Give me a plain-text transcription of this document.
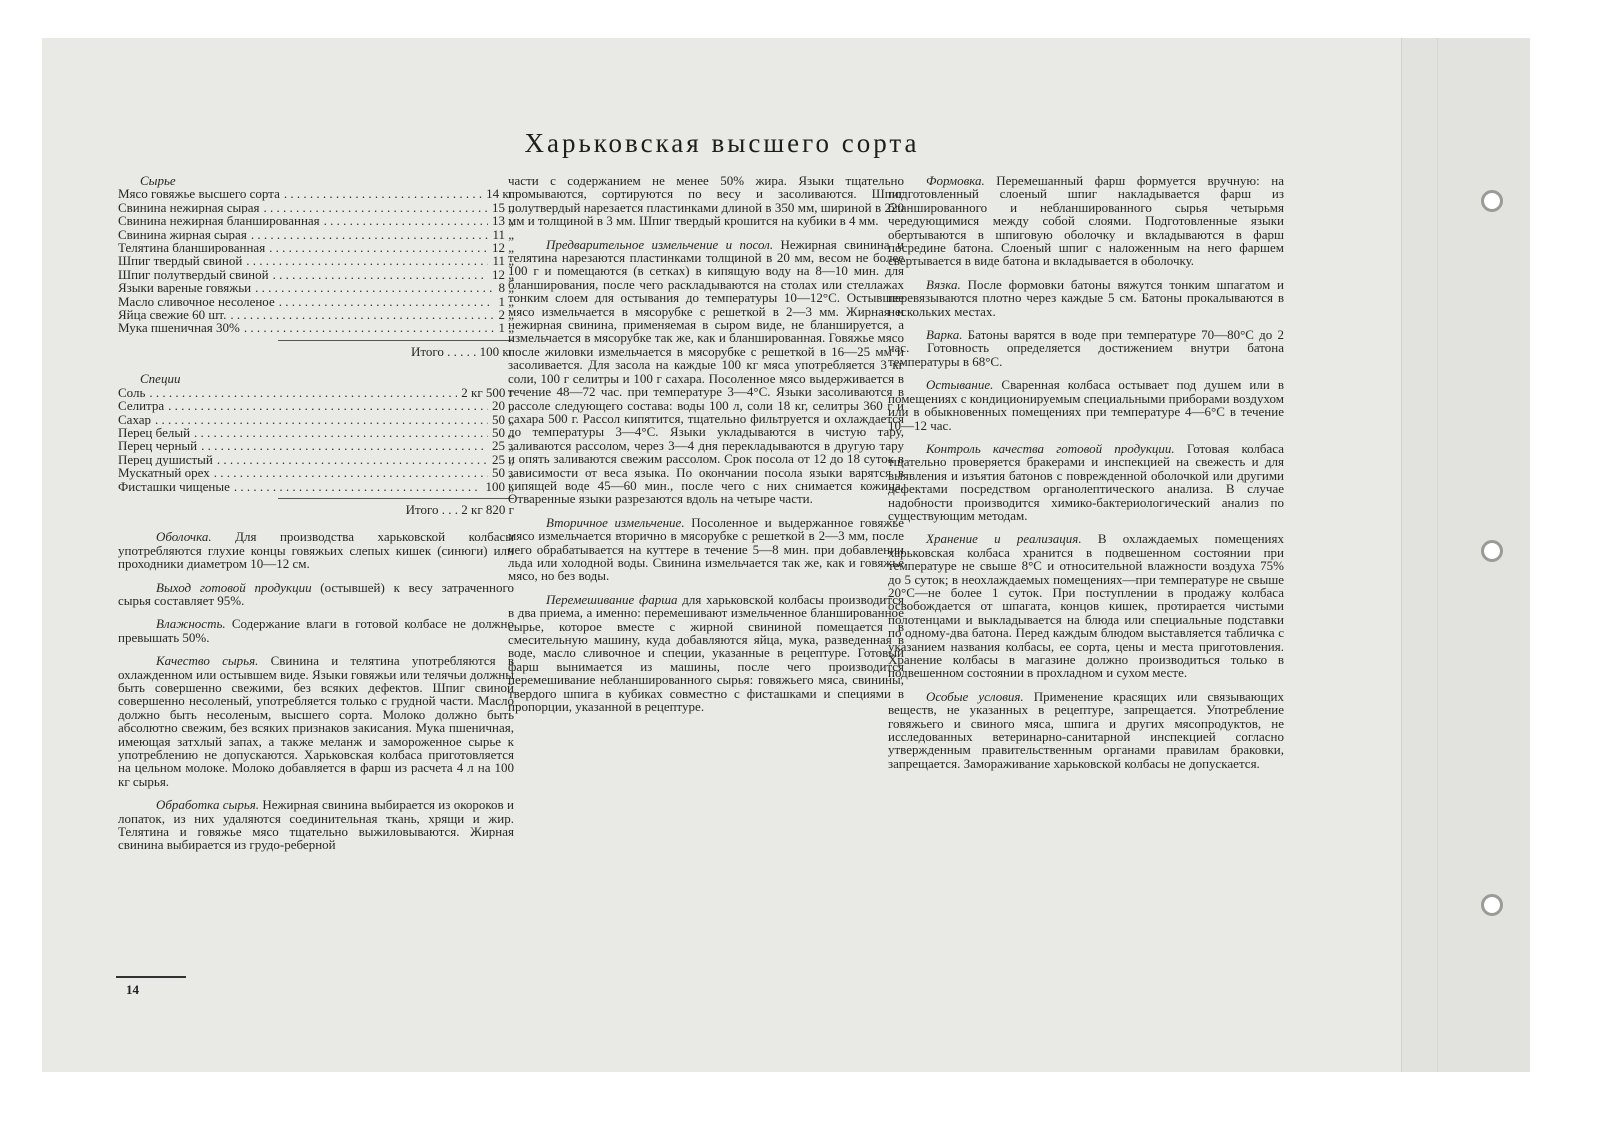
Харьковская высшего сорта
Сырье
Мясо говяжье высшего сорта . . .	14 кг
Свинина нежирная сырая . . .	15 „
Свинина нежирная бланшированная . . .	13 „
Свинина жирная сырая . . .	11 „
Телятина бланшированная . . .	12 „
Шпиг твердый свиной . . .	11 „
Шпиг полутвердый свиной . . .	12 „
Языки вареные говяжьи . . .	8 „
Масло сливочное несоленое . . .	1 „
Яйца свежие 60 шт. . . .	2 „
Мука пшеничная 30% . . .	1 „
Итого . . . . . 100 кг
Специи
Соль . . .	2 кг 500 г
Селитра . . .	20 „
Сахар . . .	50 „
Перец белый . . .	50 „
Перец черный . . .	25 „
Перец душистый . . .	25 „
Мускатный орех . . .	50 „
Фисташки чищеные . . .	100 „
Итого . . . 2 кг 820 г

Оболочка. Для производства харьковской колбасы употребляются глухие концы говяжьих слепых кишек (синюги) или проходники диаметром 10—12 см.

Выход готовой продукции (остывшей) к весу затраченного сырья составляет 95%.

Влажность. Содержание влаги в готовой колбасе не должно превышать 50%.

Качество сырья. Свинина и телятина употребляются в охлажденном или остывшем виде. Языки говяжьи или телячьи должны быть совершенно свежими, без всяких дефектов. Шпиг свиной совершенно несоленый, употребляется только с грудной части. Масло должно быть несоленым, высшего сорта. Молоко должно быть абсолютно свежим, без всяких признаков закисания. Мука пшеничная, имеющая затхлый запах, а также меланж и замороженное сырье к употреблению не допускаются. Харьковская колбаса приготовляется на цельном молоке. Молоко добавляется в фарш из расчета 4 л на 100 кг сырья.

Обработка сырья. Нежирная свинина выбирается из окороков и лопаток, из них удаляются соединительная ткань, хрящи и жир. Телятина и говяжье мясо тщательно выжиловываются. Жирная свинина выбирается из грудо-реберной

части с содержанием не менее 50% жира. Языки тщательно промываются, сортируются по весу и засоливаются. Шпиг полутвердый нарезается пластинками длиной в 350 мм, шириной в 220 мм и толщиной в 3 мм. Шпиг твердый крошится на кубики в 4 мм.

Предварительное измельчение и посол. Нежирная свинина и телятина нарезаются пластинками толщиной в 20 мм, весом не более 100 г и помещаются (в сетках) в кипящую воду на 8—10 мин. для бланширования, после чего раскладываются на столах или стеллажах тонким слоем для остывания до температуры 10—12°С. Остывшее мясо измельчается в мясорубке с решеткой в 2—3 мм. Жирная и нежирная свинина, применяемая в сыром виде, не бланшируется, а измельчается в мясорубке так же, как и бланшированная. Говяжье мясо после жиловки измельчается в мясорубке с решеткой в 16—25 мм и засоливается. Для засола на каждые 100 кг мяса употребляется 3 кг соли, 100 г селитры и 100 г сахара. Посоленное мясо выдерживается в течение 48—72 час. при температуре 3—4°С. Языки засоливаются в рассоле следующего состава: воды 100 л, соли 18 кг, селитры 360 г и сахара 500 г. Рассол кипятится, тщательно фильтруется и охлаждается до температуры 3—4°С. Языки укладываются в чистую тару, заливаются рассолом, через 3—4 дня перекладываются в другую тару и опять заливаются свежим рассолом. Срок посола от 12 до 18 суток в зависимости от веса языка. По окончании посола языки варятся в кипящей воде 45—60 мин., после чего с них снимается кожица. Отваренные языки разрезаются вдоль на четыре части.

Вторичное измельчение. Посоленное и выдержанное говяжье мясо измельчается вторично в мясорубке с решеткой в 2—3 мм, после чего обрабатывается на куттере в течение 5—8 мин. при добавлении льда или холодной воды. Свинина измельчается так же, как и говяжье мясо, но без воды.

Перемешивание фарша для харьковской колбасы производится в два приема, а именно: перемешивают измельченное бланшированное сырье, которое вместе с жирной свининой помещается в смесительную машину, куда добавляются яйца, мука, разведенная в воде, масло сливочное и специи, указанные в рецептуре. Готовый фарш вынимается из машины, после чего производится перемешивание небланшированного сырья: говяжьего мяса, свинины, твердого шпига в кубиках совместно с фисташками и специями в пропорции, указанной в рецептуре.

Формовка. Перемешанный фарш формуется вручную: на подготовленный слоеный шпиг накладывается фарш из бланшированного и небланшированного сырья четырьмя чередующимися между собой слоями. Подготовленные языки обертываются в шпиговую оболочку и вкладываются в фарш посредине батона. Слоеный шпиг с наложенным на него фаршем свертывается в виде батона и вкладывается в оболочку.

Вязка. После формовки батоны вяжутся тонким шпагатом и перевязываются плотно через каждые 5 см. Батоны прокалываются в нескольких местах.

Варка. Батоны варятся в воде при температуре 70—80°С до 2 час. Готовность определяется достижением внутри батона температуры в 68°С.

Остывание. Сваренная колбаса остывает под душем или в помещениях с кондиционируемым специальными приборами воздухом или в обыкновенных помещениях при температуре 4—6°С в течение 10—12 час.

Контроль качества готовой продукции. Готовая колбаса тщательно проверяется бракерами и инспекцией на свежесть и для выявления и изъятия батонов с поврежденной оболочкой или другими дефектами посредством органолептического анализа. В случае надобности производится химико-бактериологический анализ по существующим методам.

Хранение и реализация. В охлаждаемых помещениях харьковская колбаса хранится в подвешенном состоянии при температуре не свыше 8°С и относительной влажности воздуха 75% до 5 суток; в неохлаждаемых помещениях—при температуре не свыше 20°С—не более 1 суток. При поступлении в продажу колбаса освобождается от шпагата, концов кишек, протирается чистыми полотенцами и выкладывается на блюда или специальные подставки по одному-два батона. Перед каждым блюдом выставляется табличка с указанием названия колбасы, ее сорта, цены и места приготовления. Хранение колбасы в магазине должно производиться только в подвешенном состоянии в прохладном и сухом месте.

Особые условия. Применение красящих или связывающих веществ, не указанных в рецептуре, запрещается. Употребление говяжьего и свиного мяса, шпига и других мясопродуктов, не исследованных ветеринарно-санитарной инспекцией согласно утвержденным правительственным органами правилам браковки, запрещается. Замораживание харьковской колбасы не допускается.

14
